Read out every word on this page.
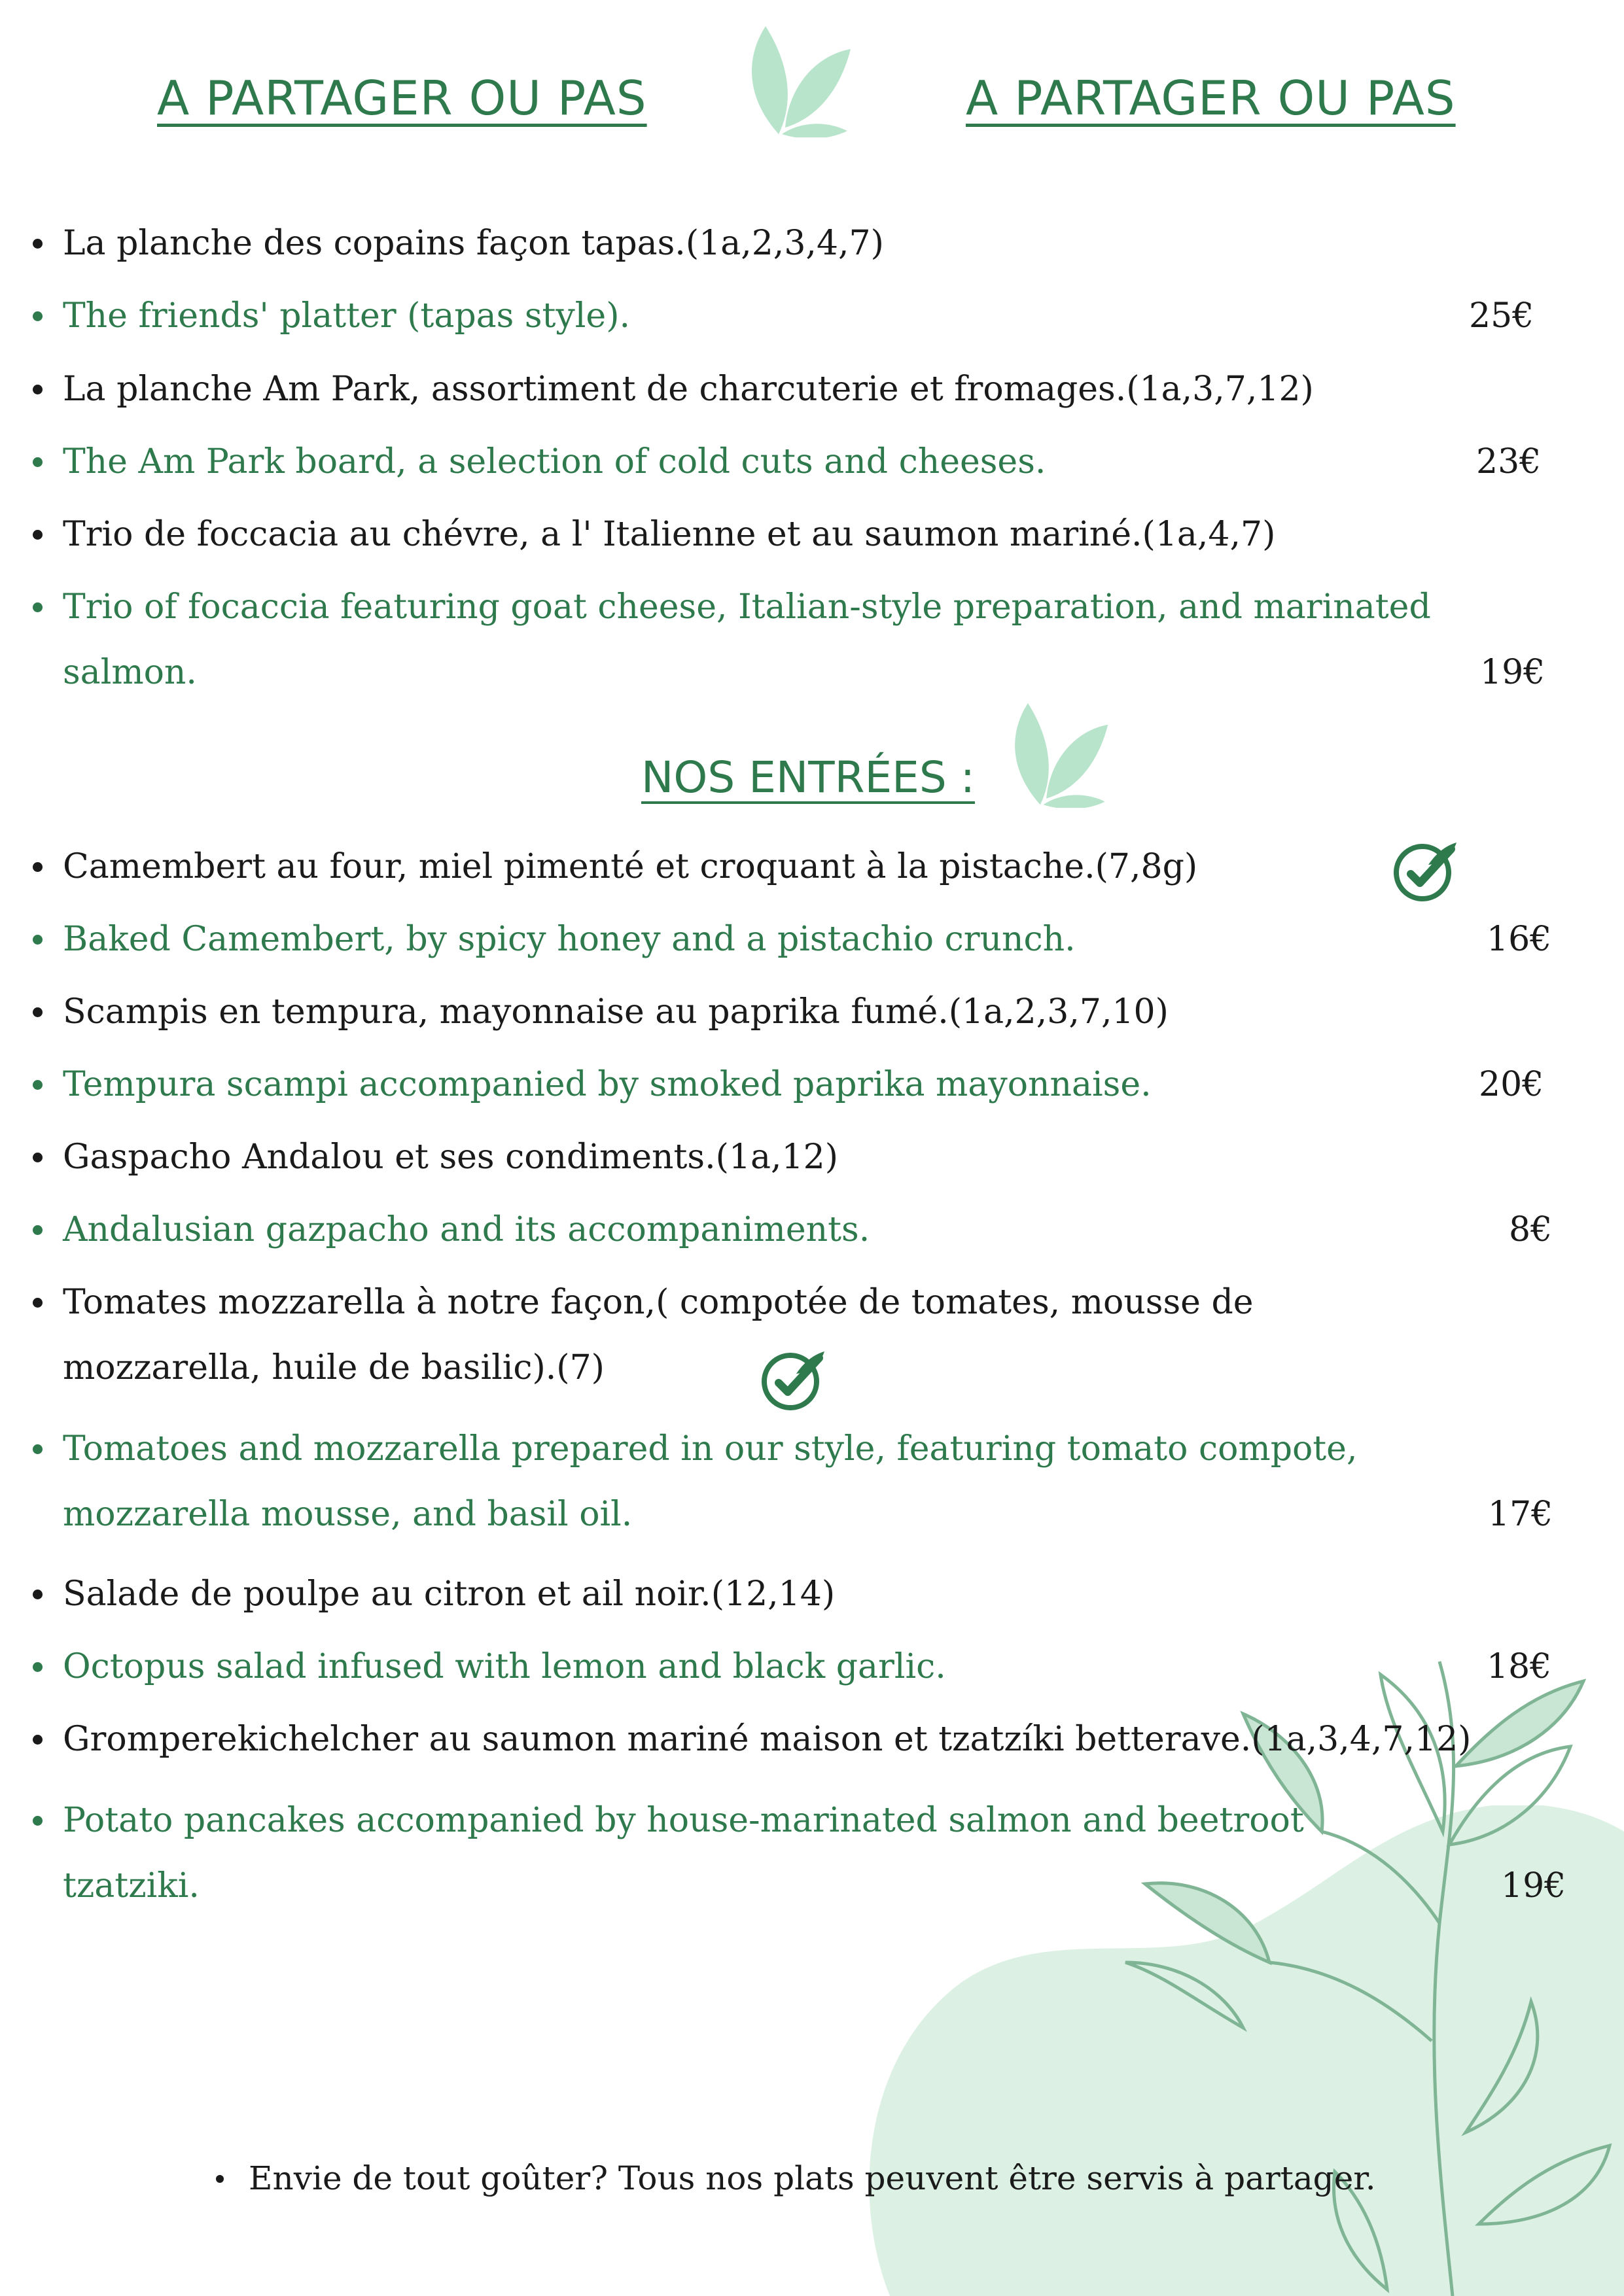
A PARTAGER OU PAS	A PARTAGER OU PAS
La planche des copains façon tapas.(1a,2,3,4,7)
The friends' platter (tapas style).	25€
La planche Am Park, assortiment de charcuterie et fromages.(1a,3,7,12)
The Am Park board, a selection of cold cuts and cheeses.	23€
Trio de foccacia au chévre, a l' Italienne et au saumon mariné.(1a,4,7)
Trio of focaccia featuring goat cheese, Italian-style preparation, and marinated
salmon.	19€
NOS ENTRÉES :
Camembert au four, miel pimenté et croquant à la pistache.(7,8g)
Baked Camembert, by spicy honey and a pistachio crunch.	16€
Scampis en tempura, mayonnaise au paprika fumé.(1a,2,3,7,10)
Tempura scampi accompanied by smoked paprika mayonnaise.	20€
Gaspacho Andalou et ses condiments.(1a,12)
Andalusian gazpacho and its accompaniments.	8€
Tomates mozzarella à notre façon,( compotée de tomates, mousse de
mozzarella, huile de basilic).(7)
Tomatoes and mozzarella prepared in our style, featuring tomato compote,
mozzarella mousse, and basil oil.	17€
Salade de poulpe au citron et ail noir.(12,14)
Octopus salad infused with lemon and black garlic.	18€
Gromperekichelcher au saumon mariné maison et tzatzíki betterave.(1a,3,4,7,12)
Potato pancakes accompanied by house-marinated salmon and beetroot
tzatziki.	19€
Envie de tout goûter? Tous nos plats peuvent être servis à partager.
